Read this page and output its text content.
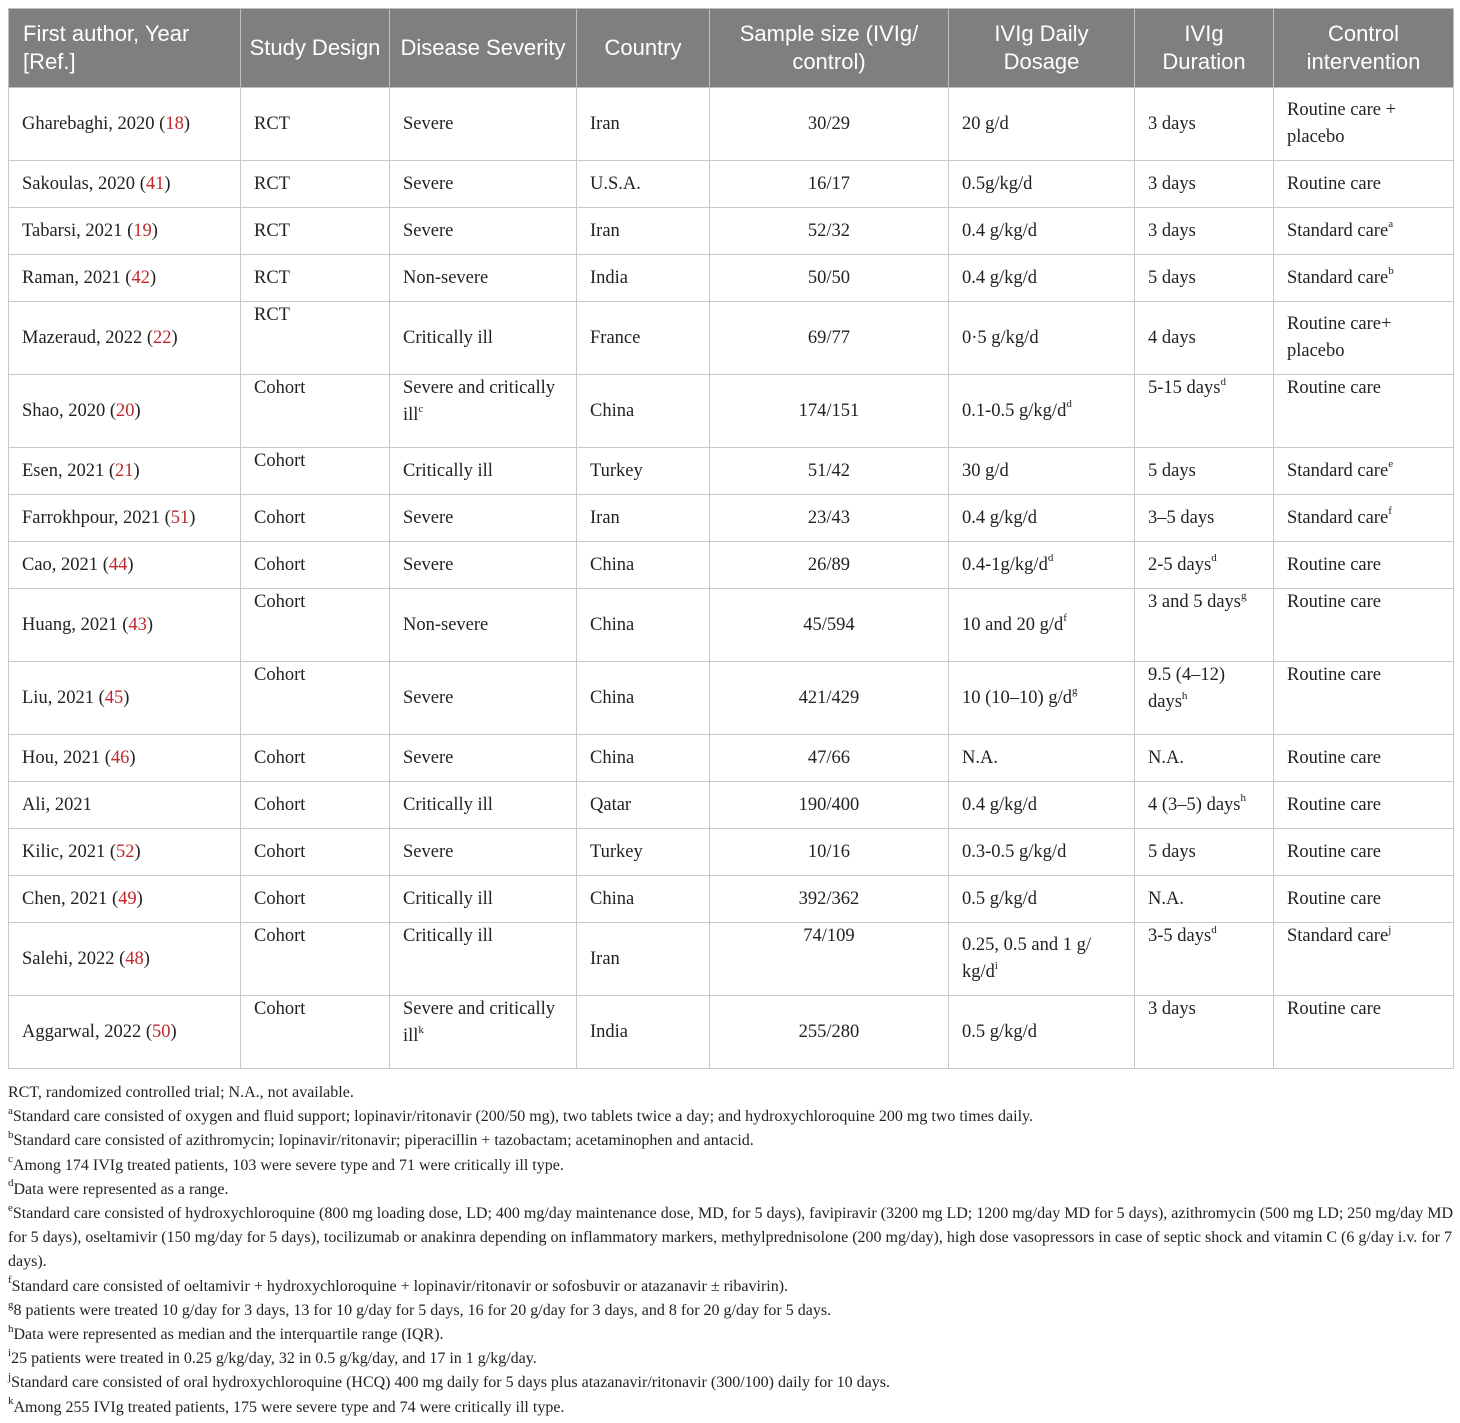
First author, Year [Ref.]	Study Design	Disease Severity	Country	Sample size (IVIg/ control)	IVIg Daily Dosage	IVIg Duration	Control intervention
Gharebaghi, 2020 (18)	RCT	Severe	Iran	30/29	20 g/d	3 days	Routine care + placebo
Sakoulas, 2020 (41)	RCT	Severe	U.S.A.	16/17	0.5g/kg/d	3 days	Routine care
Tabarsi, 2021 (19)	RCT	Severe	Iran	52/32	0.4 g/kg/d	3 days	Standard care$^a$
Raman, 2021 (42)	RCT	Non-severe	India	50/50	0.4 g/kg/d	5 days	Standard care$^b$
Mazeraud, 2022 (22)	RCT	Critically ill	France	69/77	0·5 g/kg/d	4 days	Routine care+ placebo
Shao, 2020 (20)	Cohort	Severe and critically ill$^c$	China	174/151	0.1-0.5 $g/kg/d^d$	5-15 days$^d$	Routine care
Esen, 2021 (21)	Cohort	Critically ill	Turkey	51/42	30 g/d	5 days	Standard care$^e$
Farrokhpour, 2021 (51)	Cohort	Severe	Iran	23/43	0.4 g/kg/d	3–5 days	Standard care$^f$
Cao, 2021 (44)	Cohort	Severe	China	26/89	$0.4-1g/kg/d^d$	2-5 days$^d$	Routine care
Huang, 2021 (43)	Cohort	Non-severe	China	45/594	10 and 20 $g/d^f$	3 and 5 days$^g$	Routine care
Liu, 2021 (45)	Cohort	Severe	China	421/429	10 (10–10) $g/d^g$	9.5 (4–12) days$^h$	Routine care
Hou, 2021 (46)	Cohort	Severe	China	47/66	N.A.	N.A.	Routine care
Ali, 2021	Cohort	Critically ill	Qatar	190/400	0.4 g/kg/d	4 (3–5) days$^h$	Routine care
Kilic, 2021 (52)	Cohort	Severe	Turkey	10/16	0.3-0.5 g/kg/d	5 days	Routine care
Chen, 2021 (49)	Cohort	Critically ill	China	392/362	0.5 g/kg/d	N.A.	Routine care
Salehi, 2022 (48)	Cohort	Critically ill	Iran	74/109	0.25, 0.5 and 1 g/ $kg/d^i$	3-5 days$^d$	Standard care$^j$
Aggarwal, 2022 (50)	Cohort	Severe and critically ill$^k$	India	255/280	0.5 g/kg/d	3 days	Routine care

RCT, randomized controlled trial; N.A., not available.

$^a$Standard care consisted of oxygen and fluid support; lopinavir/ritonavir (200/50 mg), two tablets twice a day; and hydroxychloroquine 200 mg two times daily.

$^b$Standard care consisted of azithromycin; lopinavir/ritonavir; piperacillin + tazobactam; acetaminophen and antacid.

$^c$Among 174 IVIg treated patients, 103 were severe type and 71 were critically ill type.

$^d$Data were represented as a range.

$^e$Standard care consisted of hydroxychloroquine (800 mg loading dose, LD; 400 mg/day maintenance dose, MD, for 5 days), favipiravir (3200 mg LD; 1200 mg/day MD for 5 days), azithromycin (500 mg LD; 250 mg/day MD for 5 days), oseltamivir (150 mg/day for 5 days), tocilizumab or anakinra depending on inflammatory markers, methylprednisolone (200 mg/day), high dose vasopressors in case of septic shock and vitamin C (6 g/day i.v. for 7 days).

$^f$Standard care consisted of oeltamivir + hydroxychloroquine + lopinavir/ritonavir or sofosbuvir or atazanavir ± ribavirin).

$^g$8 patients were treated 10 g/day for 3 days, 13 for 10 g/day for 5 days, 16 for 20 g/day for 3 days, and 8 for 20 g/day for 5 days.

$^h$Data were represented as median and the interquartile range (IQR).

$^i$25 patients were treated in 0.25 g/kg/day, 32 in 0.5 g/kg/day, and 17 in 1 g/kg/day.

$^j$Standard care consisted of oral hydroxychloroquine (HCQ) 400 mg daily for 5 days plus atazanavir/ritonavir (300/100) daily for 10 days.

$^k$Among 255 IVIg treated patients, 175 were severe type and 74 were critically ill type.
